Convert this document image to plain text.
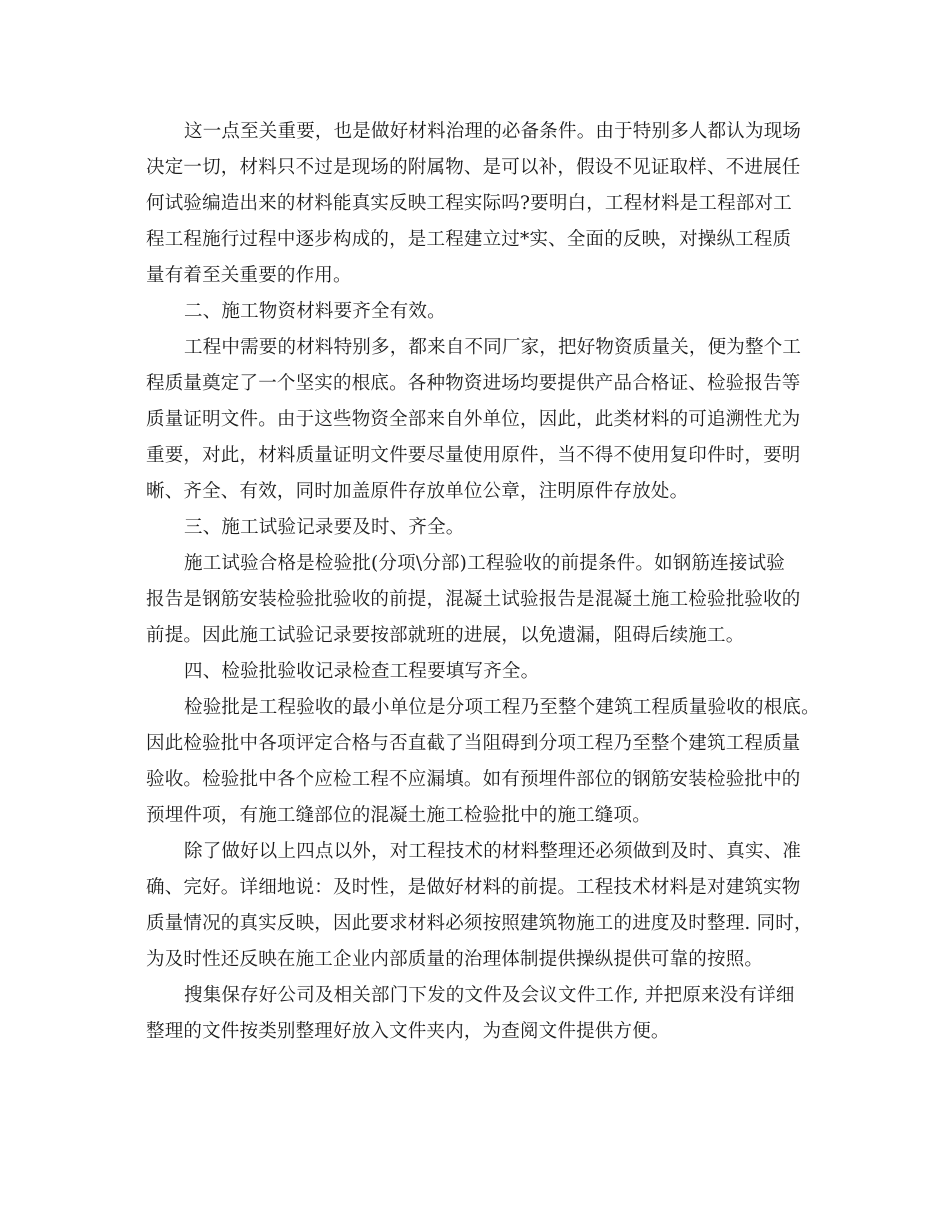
这一点至关重要，也是做好材料治理的必备条件。由于特别多人都认为现场
决定一切，材料只不过是现场的附属物、是可以补，假设不见证取样、不进展任
何试验编造出来的材料能真实反映工程实际吗?要明白，工程材料是工程部对工
程工程施行过程中逐步构成的，是工程建立过*实、全面的反映，对操纵工程质
量有着至关重要的作用。
二、施工物资材料要齐全有效。
工程中需要的材料特别多，都来自不同厂家，把好物资质量关，便为整个工
程质量奠定了一个坚实的根底。各种物资进场均要提供产品合格证、检验报告等
质量证明文件。由于这些物资全部来自外单位，因此，此类材料的可追溯性尤为
重要，对此，材料质量证明文件要尽量使用原件，当不得不使用复印件时，要明
晰、齐全、有效，同时加盖原件存放单位公章，注明原件存放处。
三、施工试验记录要及时、齐全。
施工试验合格是检验批(分项\分部)工程验收的前提条件。如钢筋连接试验
报告是钢筋安装检验批验收的前提，混凝土试验报告是混凝土施工检验批验收的
前提。因此施工试验记录要按部就班的进展，以免遗漏，阻碍后续施工。
四、检验批验收记录检查工程要填写齐全。
检验批是工程验收的最小单位是分项工程乃至整个建筑工程质量验收的根底。
因此检验批中各项评定合格与否直截了当阻碍到分项工程乃至整个建筑工程质量
验收。检验批中各个应检工程不应漏填。如有预埋件部位的钢筋安装检验批中的
预埋件项，有施工缝部位的混凝土施工检验批中的施工缝项。
除了做好以上四点以外，对工程技术的材料整理还必须做到及时、真实、准
确、完好。详细地说：及时性，是做好材料的前提。工程技术材料是对建筑实物
质量情况的真实反映，因此要求材料必须按照建筑物施工的进度及时整理. 同时，
为及时性还反映在施工企业内部质量的治理体制提供操纵提供可靠的按照。
搜集保存好公司及相关部门下发的文件及会议文件工作, 并把原来没有详细
整理的文件按类别整理好放入文件夹内，为查阅文件提供方便。
